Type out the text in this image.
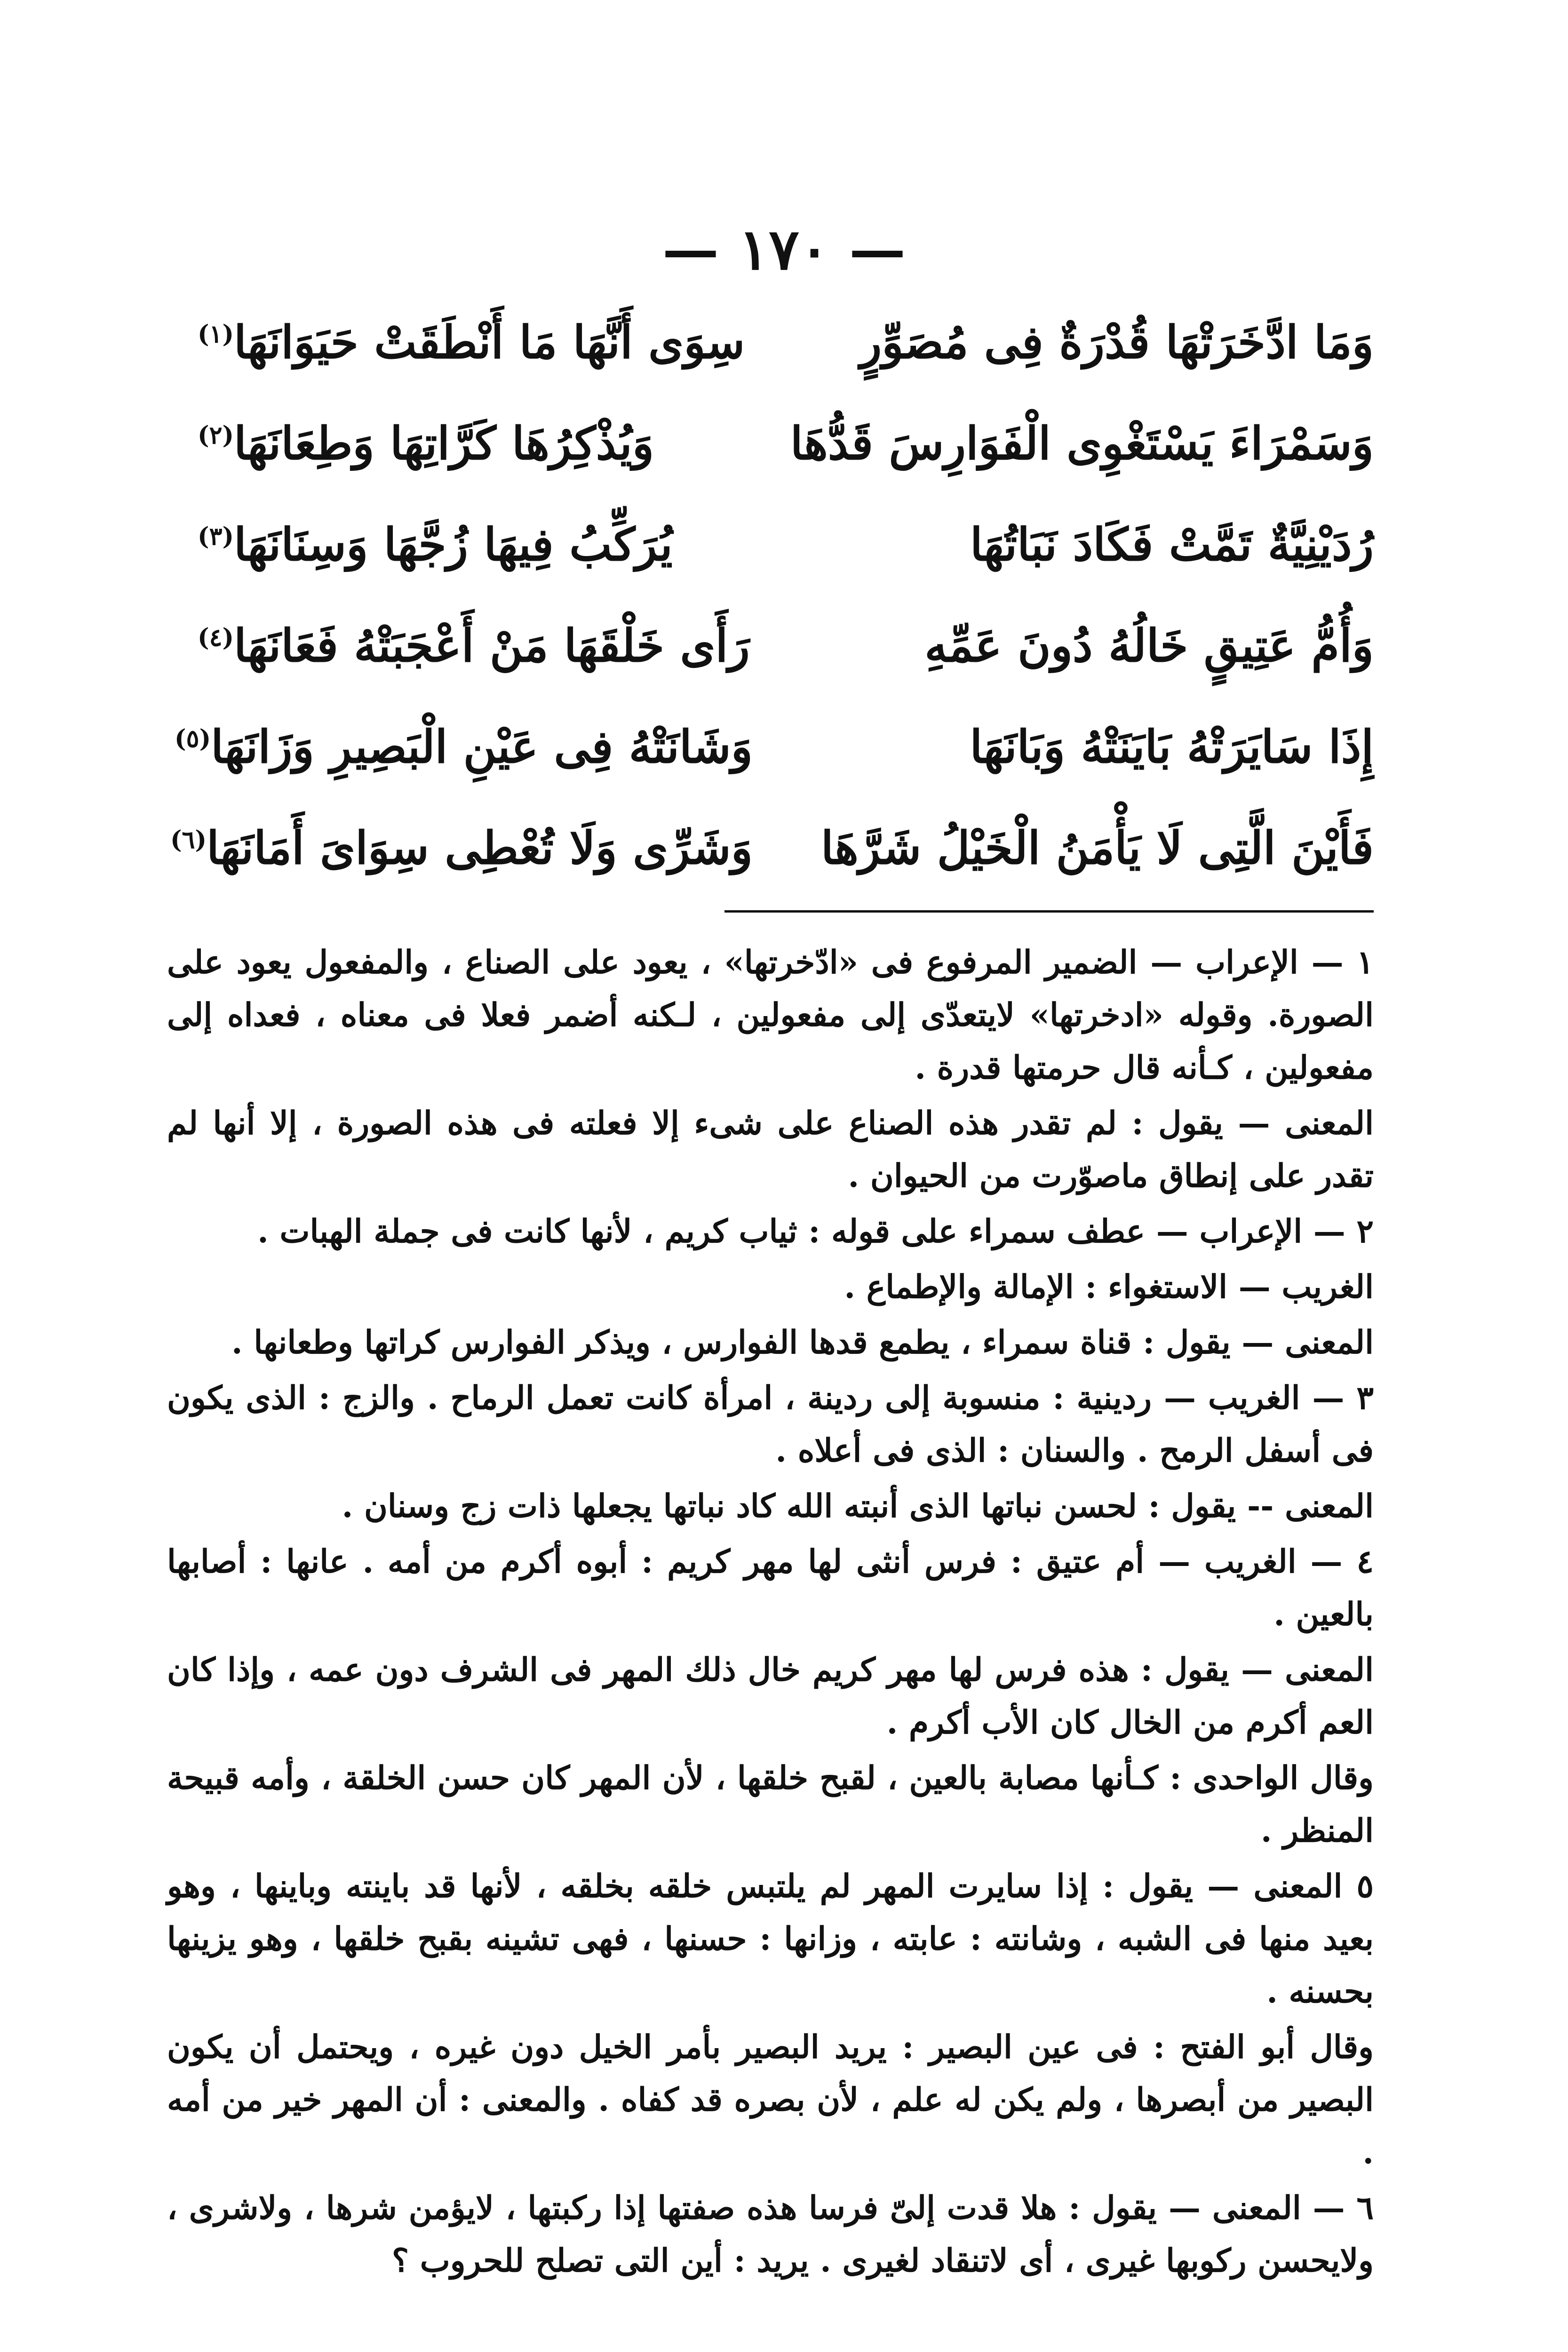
— ١٧٠ —
وَمَا ادَّخَرَتْهَا قُدْرَةٌ فِى مُصَوِّرٍ
سِوَى أَنَّهَا مَا أَنْطَقَتْ حَيَوَانَهَا$^{(١)}$
وَسَمْرَاءَ يَسْتَغْوِى الْفَوَارِسَ قَدُّهَا
وَيُذْكِرُهَا كَرَّاتِهَا وَطِعَانَهَا$^{(٢)}$
رُدَيْنِيَّةٌ تَمَّتْ فَكَادَ نَبَاتُهَا
يُرَكِّبُ فِيهَا زُجَّهَا وَسِنَانَهَا$^{(٣)}$
وَأُمُّ عَتِيقٍ خَالُهُ دُونَ عَمِّهِ
رَأَى خَلْقَهَا مَنْ أَعْجَبَتْهُ فَعَانَهَا$^{(٤)}$
إِذَا سَايَرَتْهُ بَايَنَتْهُ وَبَانَهَا
وَشَانَتْهُ فِى عَيْنِ الْبَصِيرِ وَزَانَهَا$^{(٥)}$
فَأَيْنَ الَّتِى لَا يَأْمَنُ الْخَيْلُ شَرَّهَا
وَشَرِّى وَلَا تُعْطِى سِوَاىَ أَمَانَهَا$^{(٦)}$

١ — الإعراب — الضمير المرفوع فى «ادّخرتها» ، يعود على الصناع ، والمفعول يعود على الصورة. وقوله «ادخرتها» لايتعدّى إلى مفعولين ، لـكنه أضمر فعلا فى معناه ، فعداه إلى مفعولين ، كـأنه قال حرمتها قدرة .

المعنى — يقول : لم تقدر هذه الصناع على شىء إلا فعلته فى هذه الصورة ، إلا أنها لم تقدر على إنطاق ماصوّرت من الحيوان .

٢ — الإعراب — عطف سمراء على قوله : ثياب كريم ، لأنها كانت فى جملة الهبات .

الغريب — الاستغواء : الإمالة والإطماع .

المعنى — يقول : قناة سمراء ، يطمع قدها الفوارس ، ويذكر الفوارس كراتها وطعانها .

٣ — الغريب — ردينية : منسوبة إلى ردينة ، امرأة كانت تعمل الرماح . والزج : الذى يكون فى أسفل الرمح . والسنان : الذى فى أعلاه .

المعنى -- يقول : لحسن نباتها الذى أنبته الله كاد نباتها يجعلها ذات زج وسنان .

٤ — الغريب — أم عتيق : فرس أنثى لها مهر كريم : أبوه أكرم من أمه . عانها : أصابها بالعين .

المعنى — يقول : هذه فرس لها مهر كريم خال ذلك المهر فى الشرف دون عمه ، وإذا كان العم أكرم من الخال كان الأب أكرم .

وقال الواحدى : كـأنها مصابة بالعين ، لقبح خلقها ، لأن المهر كان حسن الخلقة ، وأمه قبيحة المنظر .

٥ المعنى — يقول : إذا سايرت المهر لم يلتبس خلقه بخلقه ، لأنها قد باينته وباينها ، وهو بعيد منها فى الشبه ، وشانته : عابته ، وزانها : حسنها ، فهى تشينه بقبح خلقها ، وهو يزينها بحسنه .

وقال أبو الفتح : فى عين البصير : يريد البصير بأمر الخيل دون غيره ، ويحتمل أن يكون البصير من أبصرها ، ولم يكن له علم ، لأن بصره قد كفاه . والمعنى : أن المهر خير من أمه .

٦ — المعنى — يقول : هلا قدت إلىّ فرسا هذه صفتها إذا ركبتها ، لايؤمن شرها ، ولاشرى ، ولايحسن ركوبها غيرى ، أى لاتنقاد لغيرى . يريد : أين التى تصلح للحروب ؟
